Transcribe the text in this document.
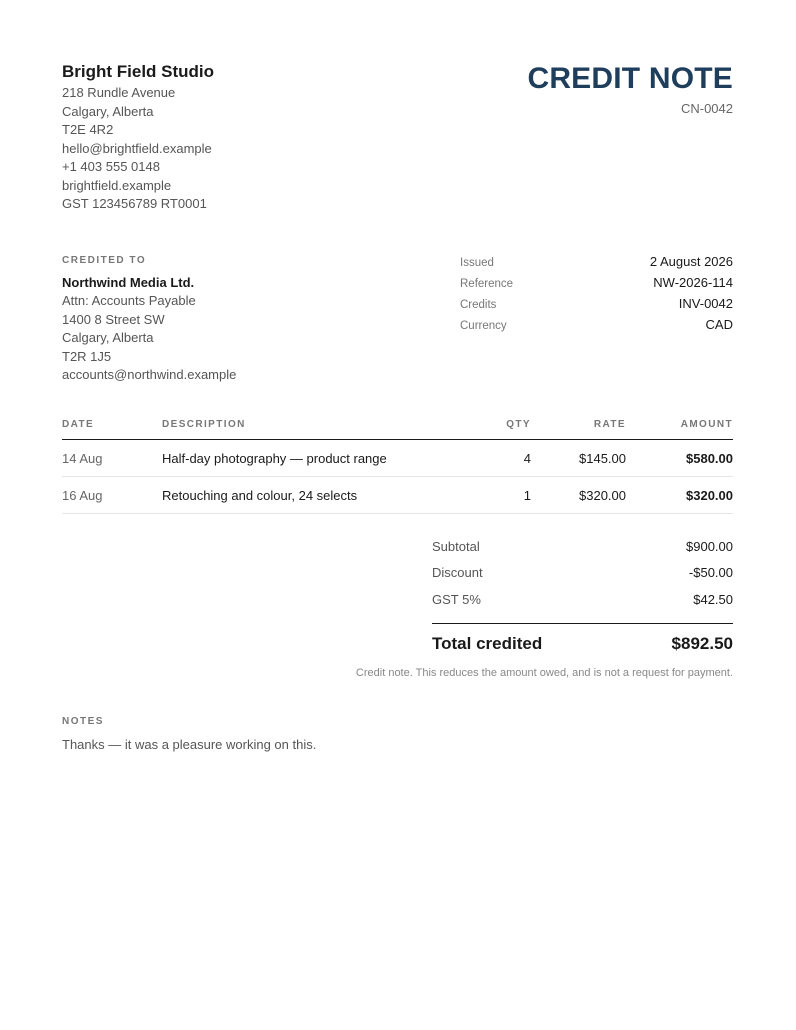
Bright Field Studio
218 Rundle Avenue
Calgary, Alberta
T2E 4R2
hello@brightfield.example
+1 403 555 0148
brightfield.example
GST 123456789 RT0001
CREDIT NOTE
CN-0042
CREDITED TO
Northwind Media Ltd.
Attn: Accounts Payable
1400 8 Street SW
Calgary, Alberta
T2R 1J5
accounts@northwind.example
Issued	2 August 2026
Reference	NW-2026-114
Credits	INV-0042
Currency	CAD
DATE	DESCRIPTION	QTY	RATE	AMOUNT
14 Aug	Half-day photography — product range	4	$145.00	$580.00
16 Aug	Retouching and colour, 24 selects	1	$320.00	$320.00
Subtotal	$900.00
Discount	-$50.00
GST 5%	$42.50
Total credited	$892.50
Credit note. This reduces the amount owed, and is not a request for payment.
NOTES
Thanks — it was a pleasure working on this.
